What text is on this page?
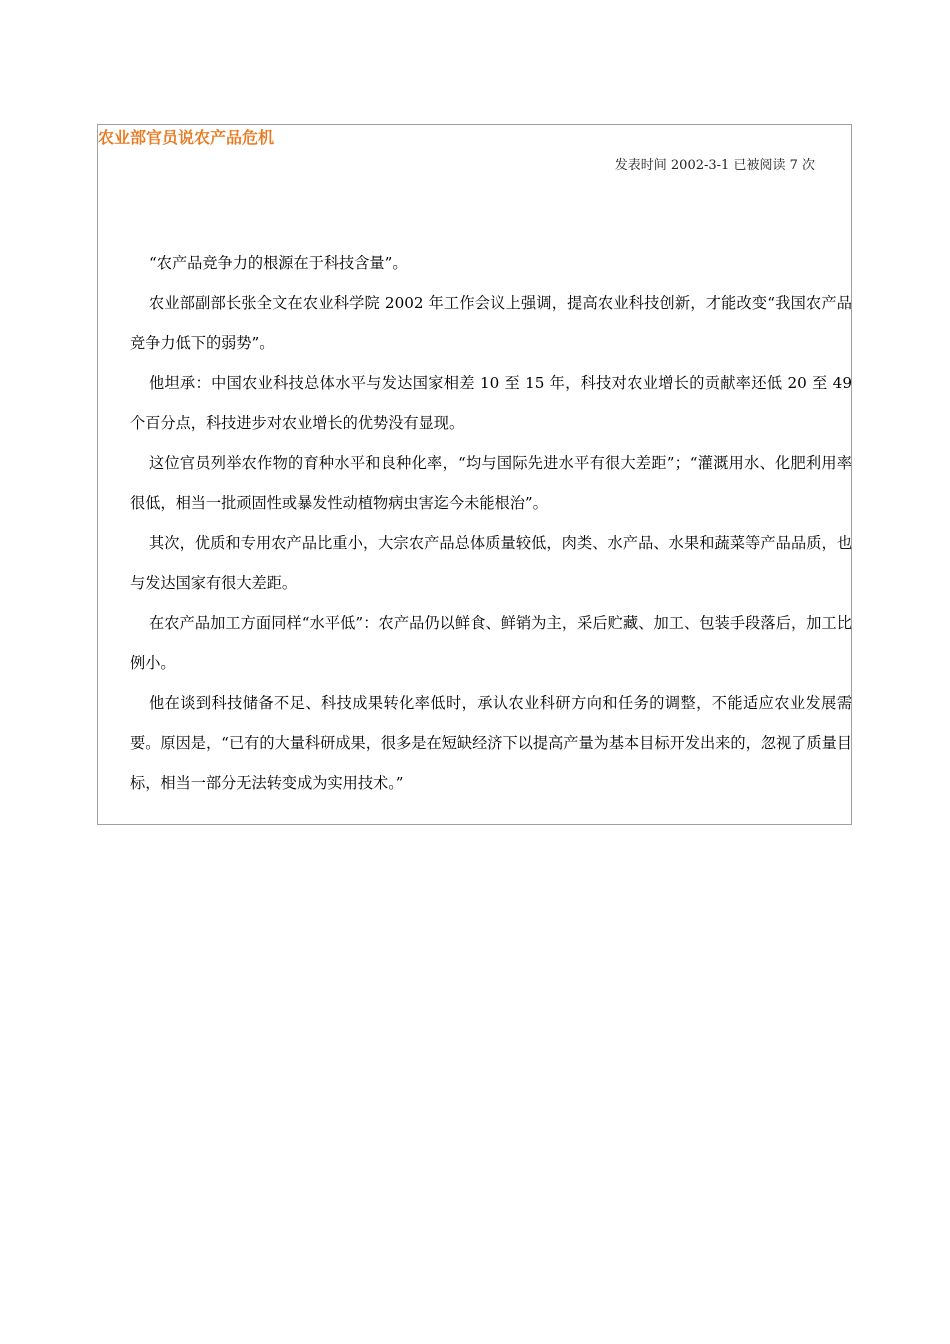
农业部官员说农产品危机
发表时间 2002-3-1 已被阅读 7 次

“农产品竞争力的根源在于科技含量”。

农业部副部长张全文在农业科学院 2002 年工作会议上强调，提高农业科技创新，才能改变“我国农产品竞争力低下的弱势”。

他坦承：中国农业科技总体水平与发达国家相差 10 至 15 年，科技对农业增长的贡献率还低 20 至 49 个百分点，科技进步对农业增长的优势没有显现。

这位官员列举农作物的育种水平和良种化率，“均与国际先进水平有很大差距”；“灌溉用水、化肥利用率很低，相当一批顽固性或暴发性动植物病虫害迄今未能根治”。

其次，优质和专用农产品比重小，大宗农产品总体质量较低，肉类、水产品、水果和蔬菜等产品品质，也与发达国家有很大差距。

在农产品加工方面同样“水平低”：农产品仍以鲜食、鲜销为主，采后贮藏、加工、包装手段落后，加工比例小。

他在谈到科技储备不足、科技成果转化率低时，承认农业科研方向和任务的调整，不能适应农业发展需要。原因是，“已有的大量科研成果，很多是在短缺经济下以提高产量为基本目标开发出来的，忽视了质量目标，相当一部分无法转变成为实用技术。”
